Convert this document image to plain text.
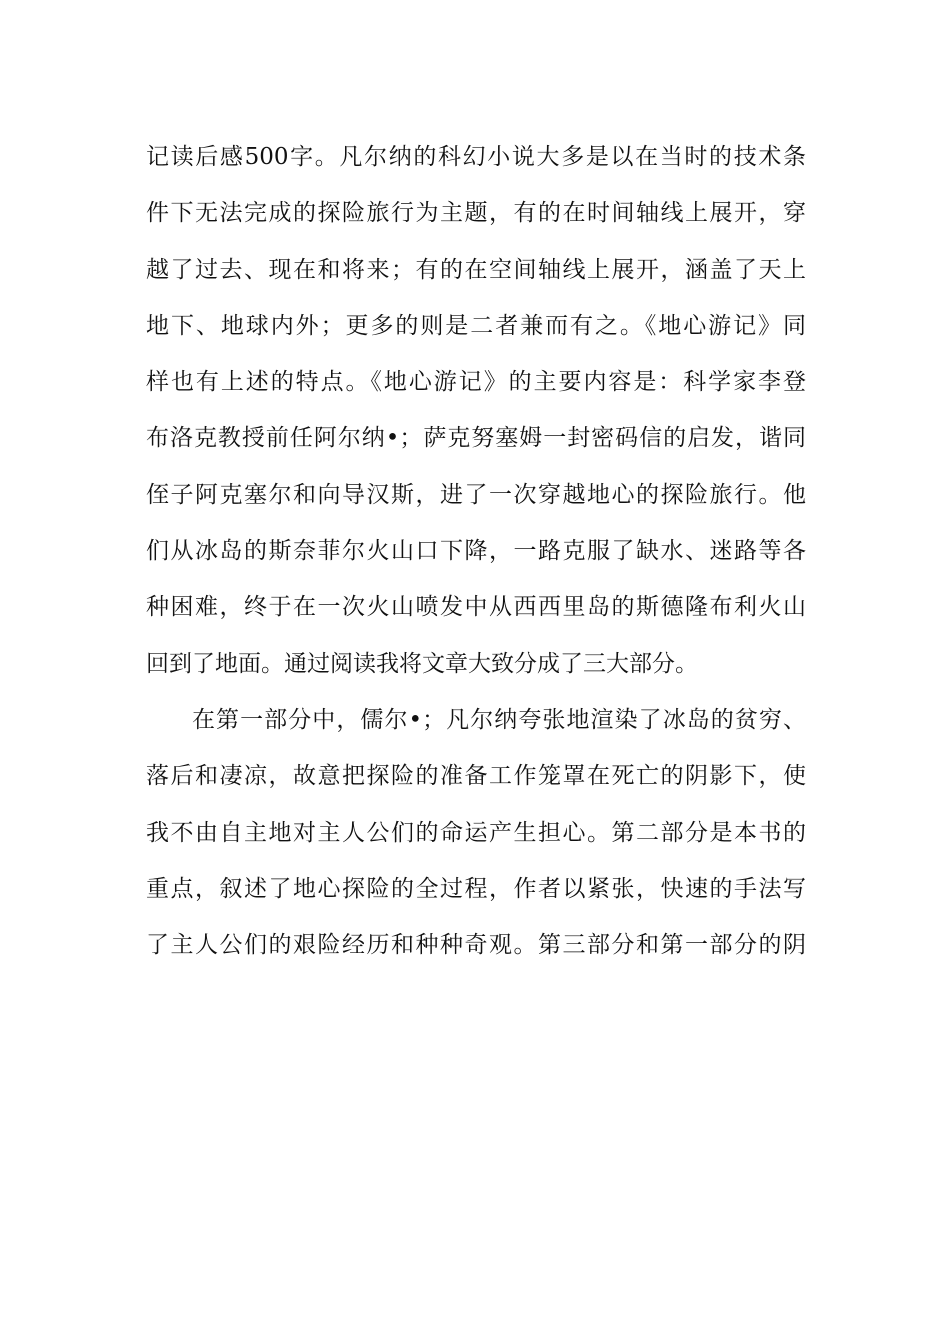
记读后感500字。凡尔纳的科幻小说大多是以在当时的技术条
件下无法完成的探险旅行为主题，有的在时间轴线上展开，穿
越了过去、现在和将来；有的在空间轴线上展开，涵盖了天上
地下、地球内外；更多的则是二者兼而有之。《地心游记》同
样也有上述的特点。《地心游记》的主要内容是：科学家李登
布洛克教授前任阿尔纳•；萨克努塞姆一封密码信的启发，谐同
侄子阿克塞尔和向导汉斯，进了一次穿越地心的探险旅行。他
们从冰岛的斯奈菲尔火山口下降，一路克服了缺水、迷路等各
种困难，终于在一次火山喷发中从西西里岛的斯德隆布利火山
回到了地面。通过阅读我将文章大致分成了三大部分。
在第一部分中，儒尔•；凡尔纳夸张地渲染了冰岛的贫穷、
落后和凄凉，故意把探险的准备工作笼罩在死亡的阴影下，使
我不由自主地对主人公们的命运产生担心。第二部分是本书的
重点，叙述了地心探险的全过程，作者以紧张，快速的手法写
了主人公们的艰险经历和种种奇观。第三部分和第一部分的阴
